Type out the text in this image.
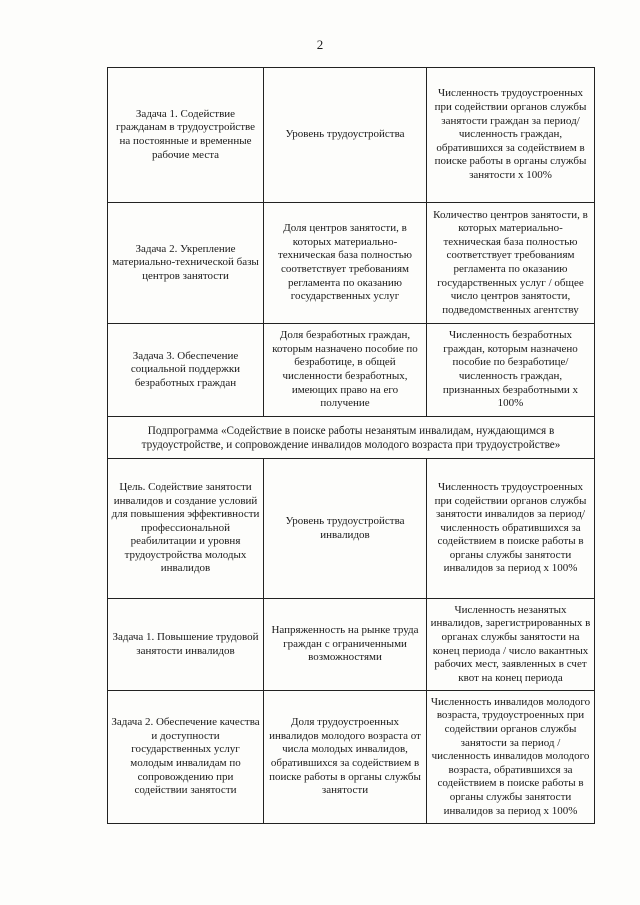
2
Задача 1. Содействие гражданам в трудоустройстве на постоянные и временные рабочие места	Уровень трудоустройства	Численность трудоустроенных при содействии органов службы занятости граждан за период/численность граждан, обратившихся за содействием в поиске работы в органы службы занятости х 100%

Задача 2. Укрепление материально-технической базы центров занятости	Доля центров занятости, в которых материально-техническая база полностью соответствует требованиям регламента по оказанию государственных услуг	Количество центров занятости, в которых материально-техническая база полностью соответствует требованиям регламента по оказанию государственных услуг / общее число центров занятости, подведомственных агентству

Задача 3. Обеспечение социальной поддержки безработных граждан	Доля безработных граждан, которым назначено пособие по безработице, в общей численности безработных, имеющих право на его получение	Численность безработных граждан, которым назначено пособие по безработице/численность граждан, признанных безработными х 100%

Подпрограмма «Содействие в поиске работы незанятым инвалидам, нуждающимся в трудоустройстве, и сопровождение инвалидов молодого возраста при трудоустройстве»		

Цель. Содействие занятости инвалидов и создание условий для повышения эффективности профессиональной реабилитации и уровня трудоустройства молодых инвалидов	Уровень трудоустройства инвалидов	Численность трудоустроенных при содействии органов службы занятости инвалидов за период/численность обратившихся за содействием в поиске работы в органы службы занятости инвалидов за период х 100%

Задача 1. Повышение трудовой занятости инвалидов	Напряженность на рынке труда граждан с ограниченными возможностями	Численность незанятых инвалидов, зарегистрированных в органах службы занятости на конец периода / число вакантных рабочих мест, заявленных в счет квот на конец периода

Задача 2. Обеспечение качества и доступности государственных услуг молодым инвалидам по сопровождению при содействии занятости	Доля трудоустроенных инвалидов молодого возраста от числа молодых инвалидов, обратившихся за содействием в поиске работы в органы службы занятости	Численность инвалидов молодого возраста, трудоустроенных при содействии органов службы занятости за период / численность инвалидов молодого возраста, обратившихся за содействием в поиске работы в органы службы занятости инвалидов за период х 100%
